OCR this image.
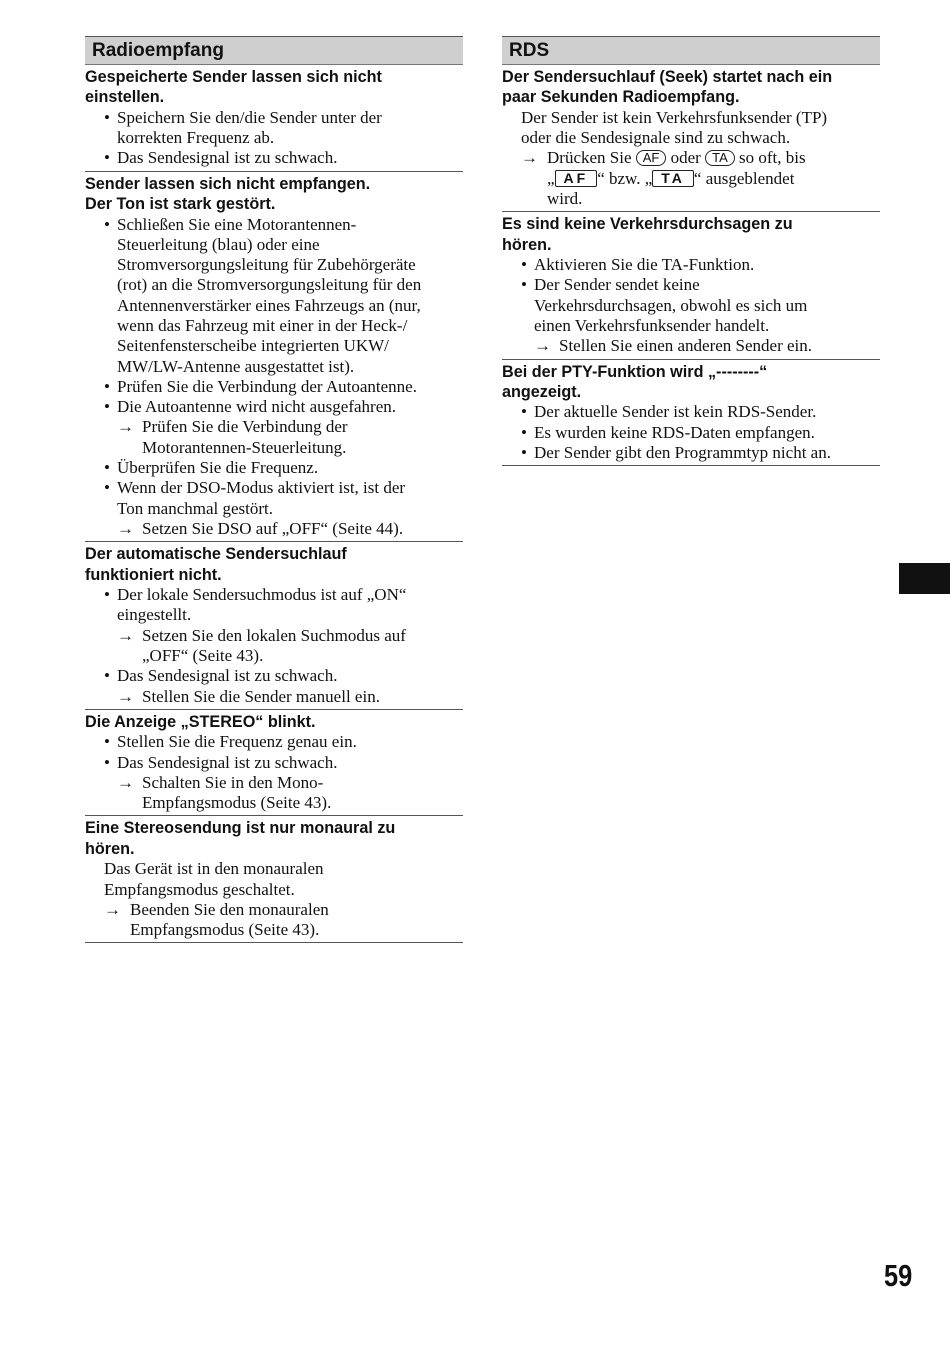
Radioempfang
Gespeicherte Sender lassen sich nicht
einstellen.
• Speichern Sie den/die Sender unter der
korrekten Frequenz ab.
• Das Sendesignal ist zu schwach.
Sender lassen sich nicht empfangen.
Der Ton ist stark gestört.
• Schließen Sie eine Motorantennen-
Steuerleitung (blau) oder eine
Stromversorgungsleitung für Zubehörgeräte
(rot) an die Stromversorgungsleitung für den
Antennenverstärker eines Fahrzeugs an (nur,
wenn das Fahrzeug mit einer in der Heck-/
Seitenfensterscheibe integrierten UKW/
MW/LW-Antenne ausgestattet ist).
• Prüfen Sie die Verbindung der Autoantenne.
• Die Autoantenne wird nicht ausgefahren.
→ Prüfen Sie die Verbindung der
Motorantennen-Steuerleitung.
• Überprüfen Sie die Frequenz.
• Wenn der DSO-Modus aktiviert ist, ist der
Ton manchmal gestört.
→ Setzen Sie DSO auf „OFF“ (Seite 44).
Der automatische Sendersuchlauf
funktioniert nicht.
• Der lokale Sendersuchmodus ist auf „ON“
eingestellt.
→ Setzen Sie den lokalen Suchmodus auf
„OFF“ (Seite 43).
• Das Sendesignal ist zu schwach.
→ Stellen Sie die Sender manuell ein.
Die Anzeige „STEREO“ blinkt.
• Stellen Sie die Frequenz genau ein.
• Das Sendesignal ist zu schwach.
→ Schalten Sie in den Mono-
Empfangsmodus (Seite 43).
Eine Stereosendung ist nur monaural zu
hören.
Das Gerät ist in den monauralen
Empfangsmodus geschaltet.
→ Beenden Sie den monauralen
Empfangsmodus (Seite 43).
RDS
Der Sendersuchlauf (Seek) startet nach ein
paar Sekunden Radioempfang.
Der Sender ist kein Verkehrsfunksender (TP)
oder die Sendesignale sind zu schwach.
→ Drücken Sie AF oder TA so oft, bis
„ AF “ bzw. „ TA “ ausgeblendet
wird.
Es sind keine Verkehrsdurchsagen zu
hören.
• Aktivieren Sie die TA-Funktion.
• Der Sender sendet keine
Verkehrsdurchsagen, obwohl es sich um
einen Verkehrsfunksender handelt.
→ Stellen Sie einen anderen Sender ein.
Bei der PTY-Funktion wird „--------“
angezeigt.
• Der aktuelle Sender ist kein RDS-Sender.
• Es wurden keine RDS-Daten empfangen.
• Der Sender gibt den Programmtyp nicht an.
59
